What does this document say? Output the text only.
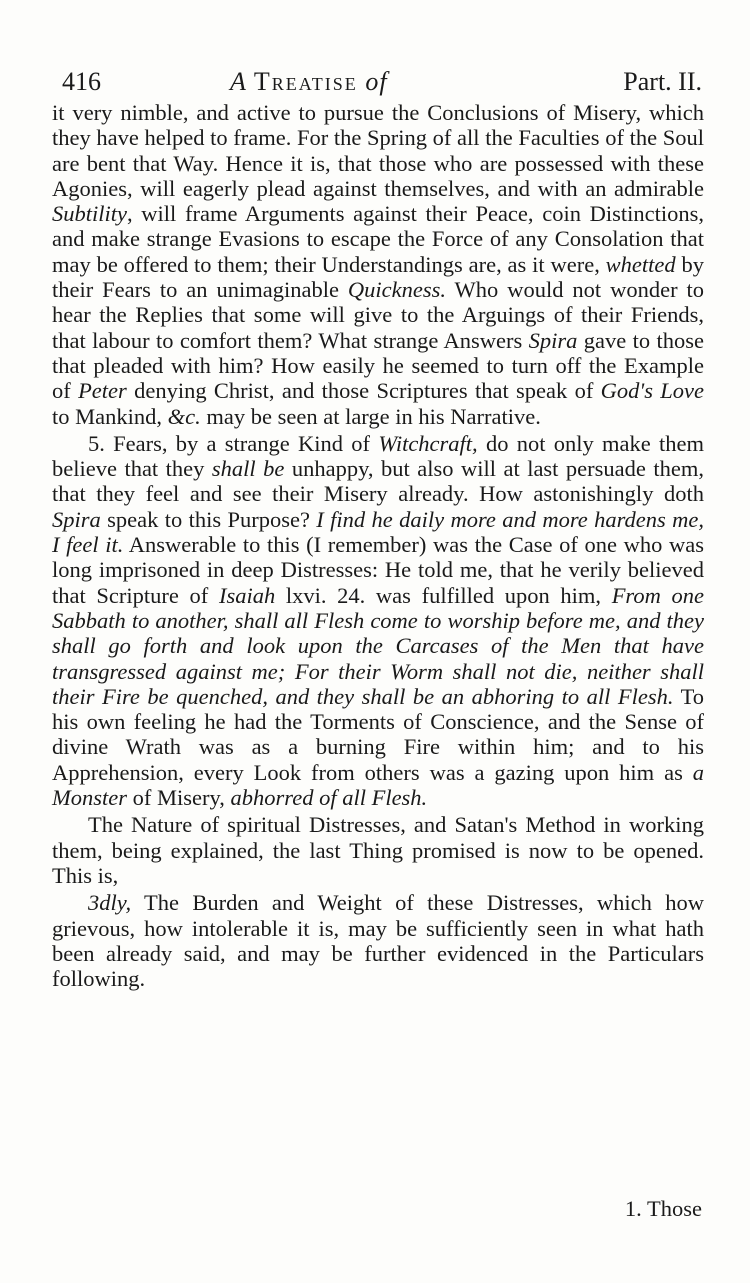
416	A Treatise of	Part. II.

it very nimble, and active to pursue the Conclusions of Misery, which they have helped to frame. For the Spring of all the Faculties of the Soul are bent that Way. Hence it is, that those who are possessed with these Agonies, will eagerly plead against themselves, and with an admirable Subtility, will frame Arguments against their Peace, coin Distinctions, and make strange Evasions to escape the Force of any Consolation that may be offered to them; their Understandings are, as it were, whetted by their Fears to an unimaginable Quickness. Who would not wonder to hear the Replies that some will give to the Arguings of their Friends, that labour to comfort them? What strange Answers Spira gave to those that pleaded with him? How easily he seemed to turn off the Example of Peter denying Christ, and those Scriptures that speak of God's Love to Mankind, &c. may be seen at large in his Narrative.

5. Fears, by a strange Kind of Witchcraft, do not only make them believe that they shall be unhappy, but also will at last persuade them, that they feel and see their Misery already. How astonishingly doth Spira speak to this Purpose? I find he daily more and more hardens me, I feel it. Answerable to this (I remember) was the Case of one who was long imprisoned in deep Distresses: He told me, that he verily believed that Scripture of Isaiah lxvi. 24. was fulfilled upon him, From one Sabbath to another, shall all Flesh come to worship before me, and they shall go forth and look upon the Carcases of the Men that have transgressed against me; For their Worm shall not die, neither shall their Fire be quenched, and they shall be an abhoring to all Flesh. To his own feeling he had the Torments of Conscience, and the Sense of divine Wrath was as a burning Fire within him; and to his Apprehension, every Look from others was a gazing upon him as a Monster of Misery, abhorred of all Flesh.

The Nature of spiritual Distresses, and Satan's Method in working them, being explained, the last Thing promised is now to be opened. This is,

3dly, The Burden and Weight of these Distresses, which how grievous, how intolerable it is, may be sufficiently seen in what hath been already said, and may be further evidenced in the Particulars following.

1. Those
